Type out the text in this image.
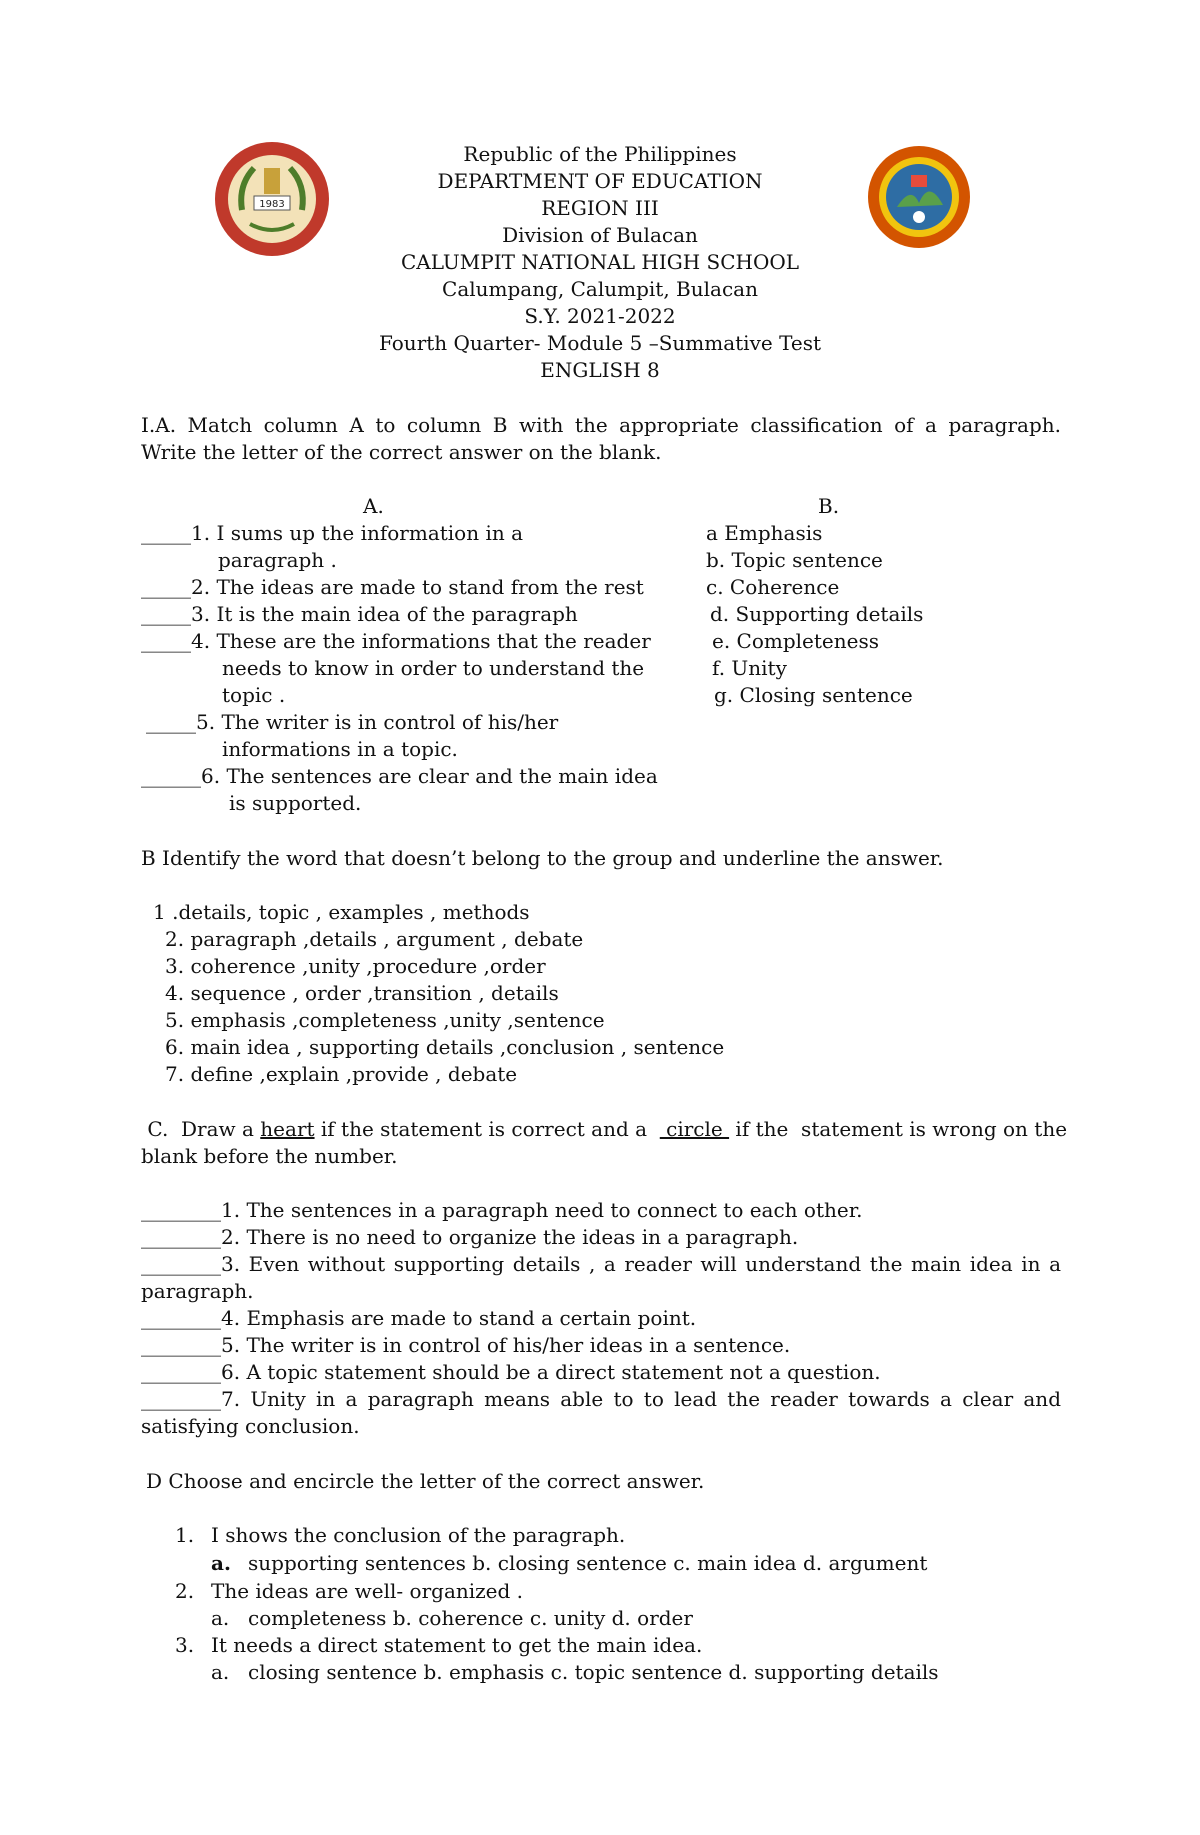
1983

Republic of the Philippines

DEPARTMENT OF EDUCATION

REGION III

Division of Bulacan

CALUMPIT NATIONAL HIGH SCHOOL

Calumpang, Calumpit, Bulacan

S.Y. 2021-2022

Fourth Quarter- Module 5 –Summative Test

ENGLISH 8

I.A. Match column A to column B with the appropriate classification of a paragraph.

Write the letter of the correct answer on the blank.

A.	B.

_____1. I sums up the information in a

paragraph .

_____2. The ideas are made to stand from the rest

_____3. It is the main idea of the paragraph

_____4. These are the informations that the reader

needs to know in order to understand the

topic .

_____5. The writer is in control of his/her

informations in a topic.

______6. The sentences are clear and the main idea

is supported.

a Emphasis

b. Topic sentence

c. Coherence

d. Supporting details

e. Completeness

f. Unity

g. Closing sentence

B Identify the word that doesn’t belong to the group and underline the answer.

1 .details, topic , examples , methods

2. paragraph ,details , argument , debate

3. coherence ,unity ,procedure ,order

4. sequence , order ,transition , details

5. emphasis ,completeness ,unity ,sentence

6. main idea , supporting details ,conclusion , sentence

7. define ,explain ,provide , debate

C.  Draw a heart if the statement is correct and a   circle  if the  statement is wrong on the

blank before the number.

________1. The sentences in a paragraph need to connect to each other.

________2. There is no need to organize the ideas in a paragraph.

________3. Even without supporting details , a reader will understand the main idea in a

paragraph.

________4. Emphasis are made to stand a certain point.

________5. The writer is in control of his/her ideas in a sentence.

________6. A topic statement should be a direct statement not a question.

________7. Unity in a paragraph means able to to lead the reader towards a clear and

satisfying conclusion.

D Choose and encircle the letter of the correct answer.

1. I shows the conclusion of the paragraph.

a. supporting sentences b. closing sentence c. main idea d. argument

2. The ideas are well- organized .

a. completeness b. coherence c. unity d. order

3. It needs a direct statement to get the main idea.

a. closing sentence b. emphasis c. topic sentence d. supporting details
